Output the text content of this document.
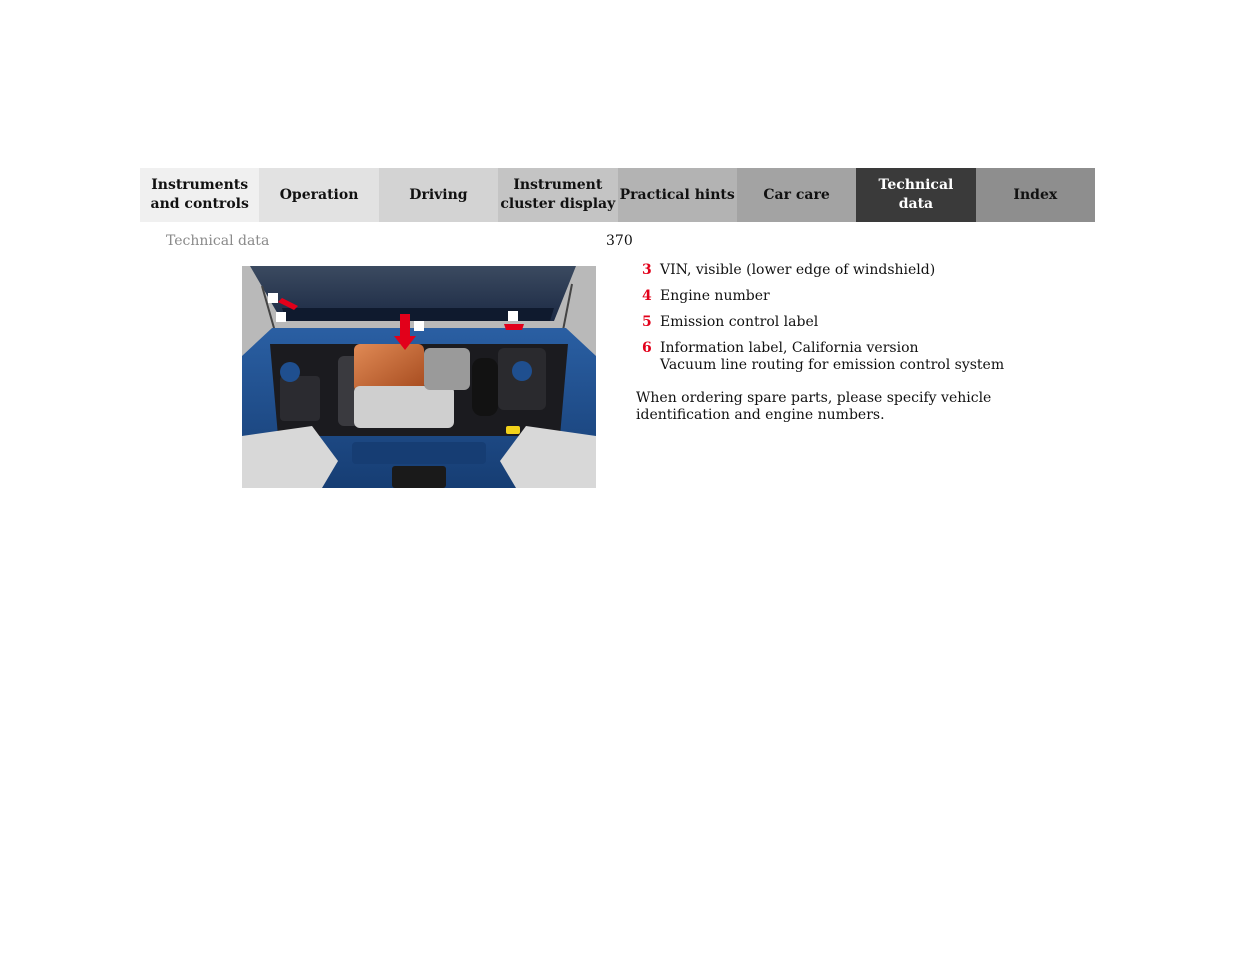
Instruments
and controls
Operation	Driving
Instrument
cluster display
Practical hints Car care
Technical
data
Index
Technical data	370
3 VIN, visible (lower edge of windshield)
4 Engine number
5 Emission control label
6 Information label, California version
Vacuum line routing for emission control system
When ordering spare parts, please specify vehicle
identification and engine numbers.
